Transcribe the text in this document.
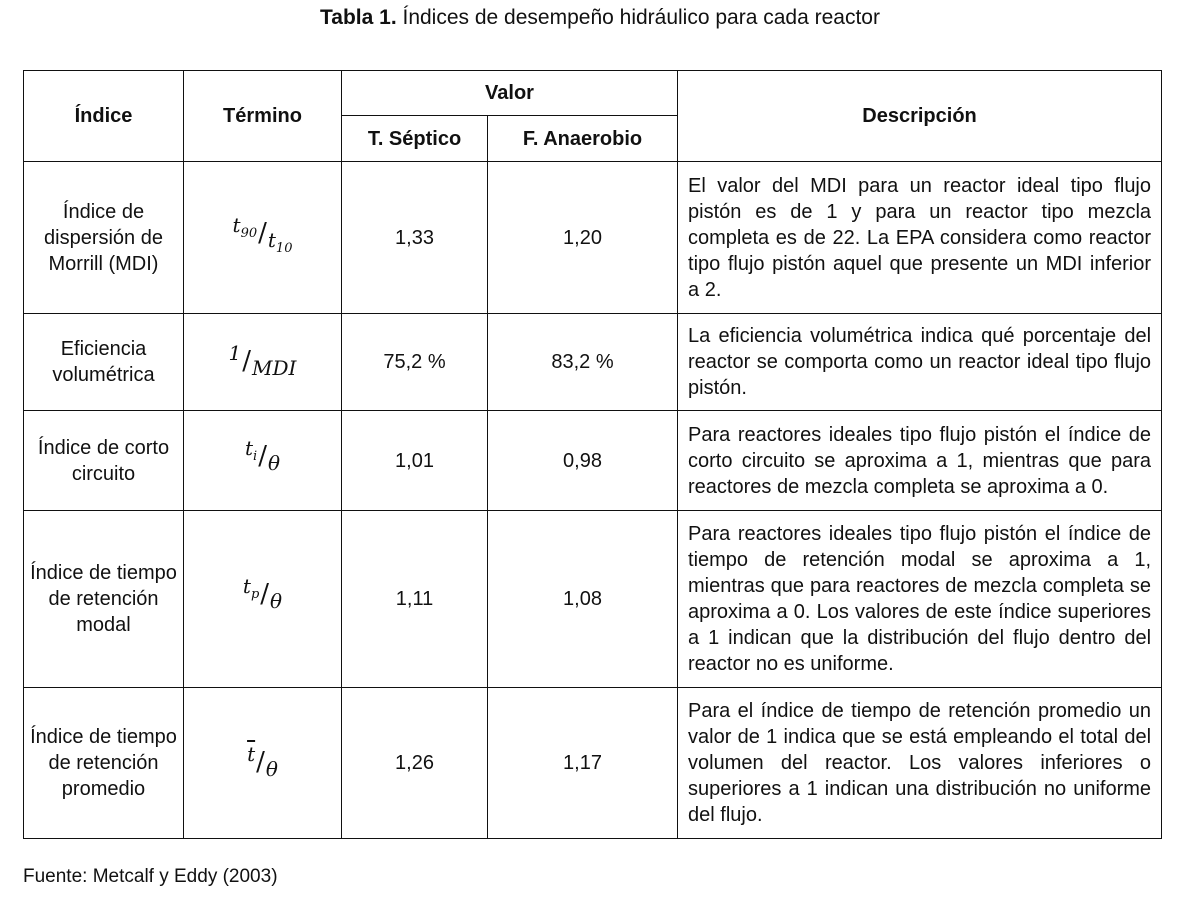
Tabla 1. Índices de desempeño hidráulico para cada reactor
Índice	Término	Valor		Descripción
		T. Séptico	F. Anaerobio	
Índice de dispersión de Morrill (MDI)	$t_{90}/t_{10}$	1,33	1,20	El valor del MDI para un reactor ideal tipo flujo pistón es de 1 y para un reactor tipo mezcla completa es de 22. La EPA considera como reactor tipo flujo pistón aquel que presente un MDI inferior a 2.
Eficiencia volumétrica	1/MDI	75,2 %	83,2 %	La eficiencia volumétrica indica qué porcentaje del reactor se comporta como un reactor ideal tipo flujo pistón.
Índice de corto circuito	$t_i/\theta$	1,01	0,98	Para reactores ideales tipo flujo pistón el índice de corto circuito se aproxima a 1, mientras que para reactores de mezcla completa se aproxima a 0.
Índice de tiempo de retención modal	$t_p/\theta$	1,11	1,08	Para reactores ideales tipo flujo pistón el índice de tiempo de retención modal se aproxima a 1, mientras que para reactores de mezcla completa se aproxima a 0. Los valores de este índice superiores a 1 indican que la distribución del flujo dentro del reactor no es uniforme.
Índice de tiempo de retención promedio	$\overline{t}/\theta$	1,26	1,17	Para el índice de tiempo de retención promedio un valor de 1 indica que se está empleando el total del volumen del reactor. Los valores inferiores o superiores a 1 indican una distribución no uniforme del flujo.
Fuente: Metcalf y Eddy (2003)
